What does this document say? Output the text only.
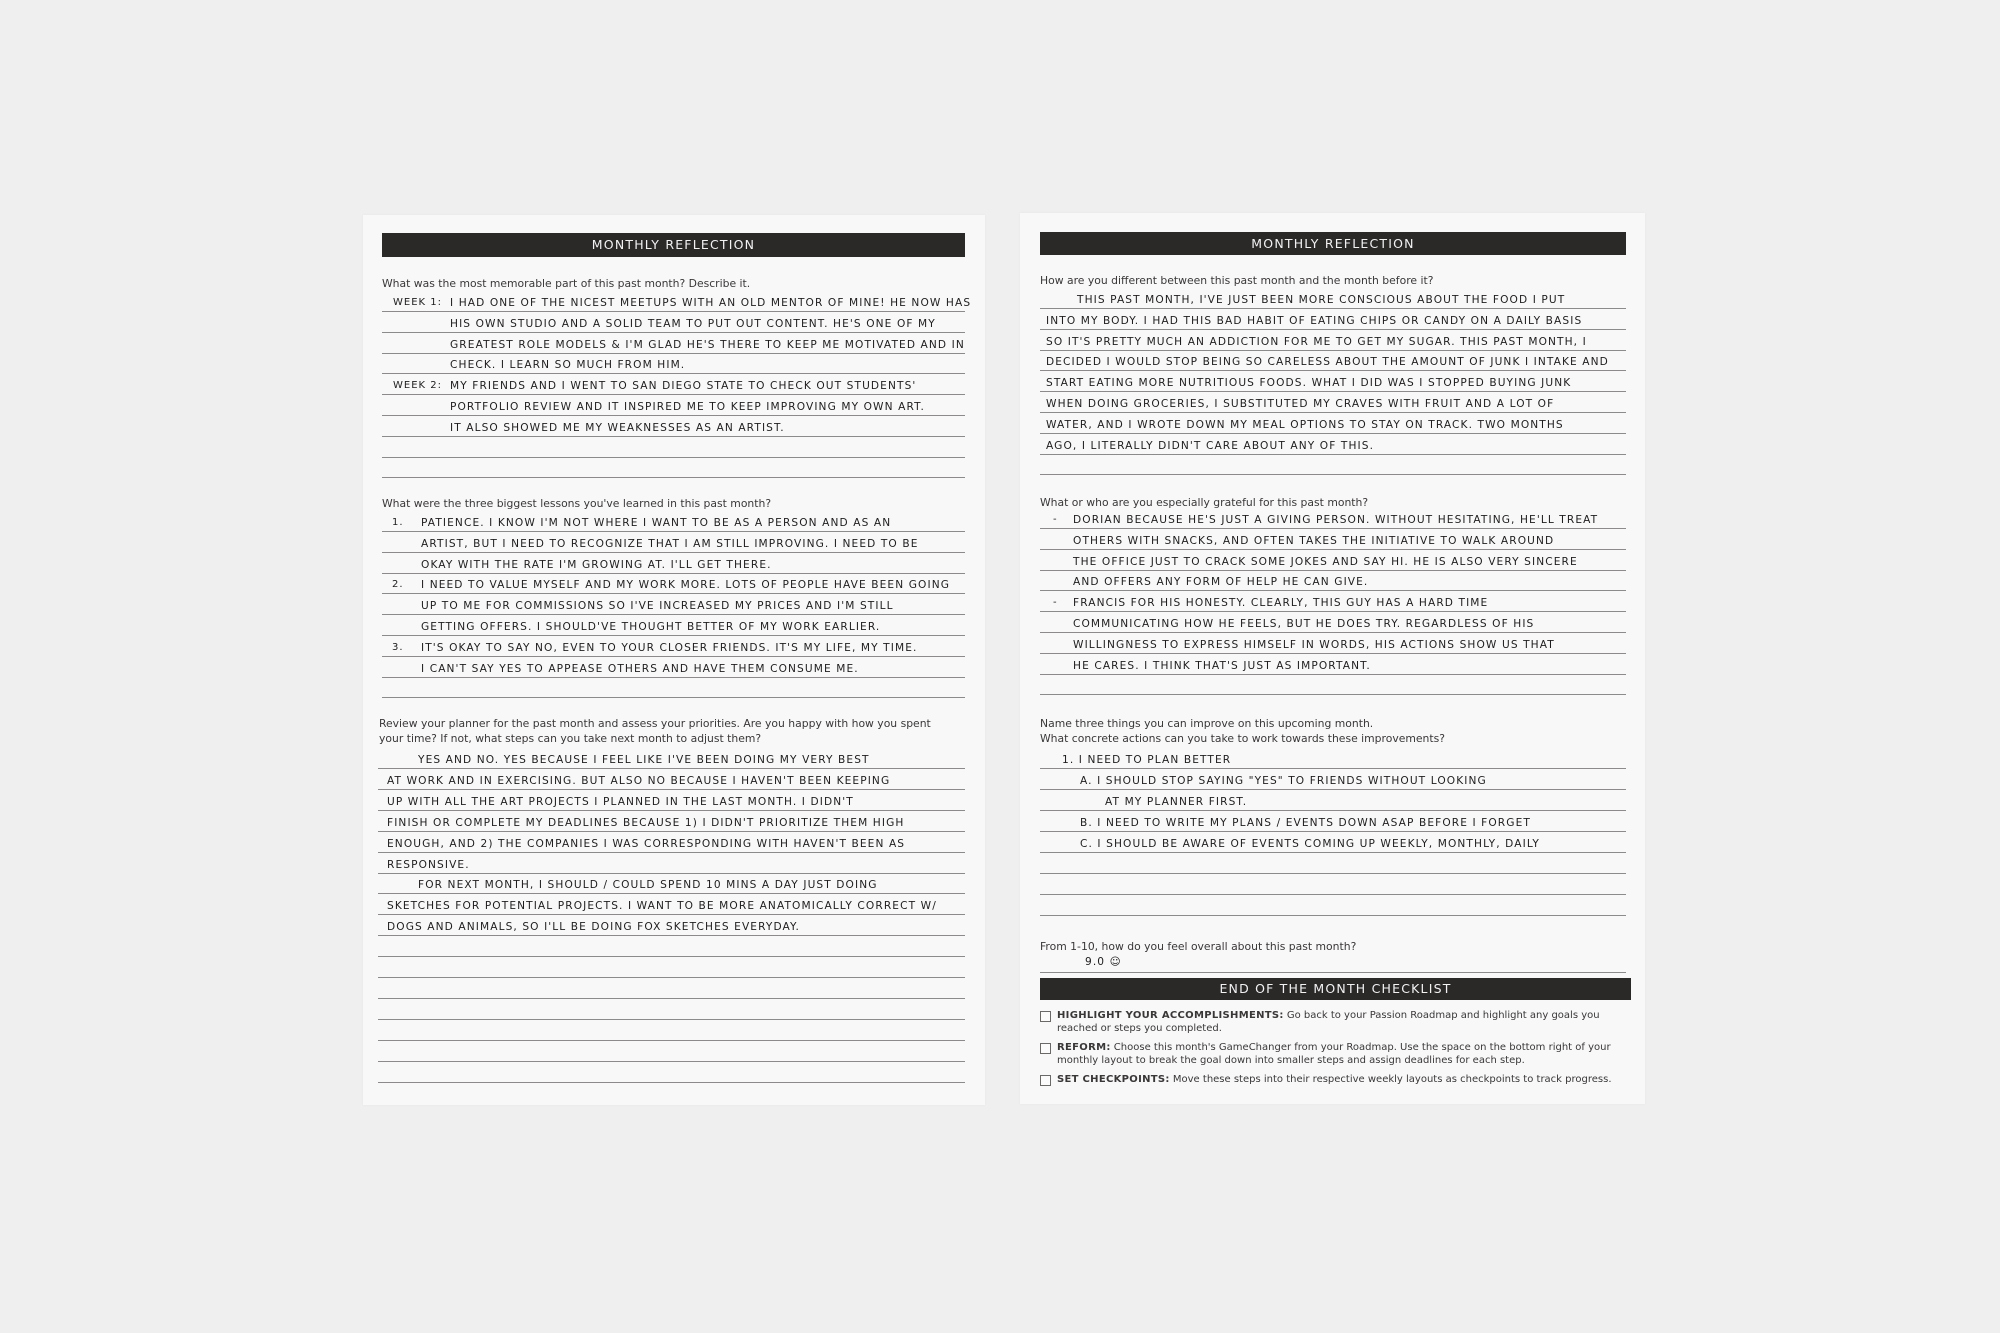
MONTHLY REFLECTION
What was the most memorable part of this past month? Describe it.
WEEK 1: I HAD ONE OF THE NICEST MEETUPS WITH AN OLD MENTOR OF MINE! HE NOW HAS
HIS OWN STUDIO AND A SOLID TEAM TO PUT OUT CONTENT. HE'S ONE OF MY
GREATEST ROLE MODELS & I'M GLAD HE'S THERE TO KEEP ME MOTIVATED AND IN
CHECK. I LEARN SO MUCH FROM HIM.
WEEK 2: MY FRIENDS AND I WENT TO SAN DIEGO STATE TO CHECK OUT STUDENTS'
PORTFOLIO REVIEW AND IT INSPIRED ME TO KEEP IMPROVING MY OWN ART.
IT ALSO SHOWED ME MY WEAKNESSES AS AN ARTIST.
What were the three biggest lessons you've learned in this past month?
1. PATIENCE. I KNOW I'M NOT WHERE I WANT TO BE AS A PERSON AND AS AN
ARTIST, BUT I NEED TO RECOGNIZE THAT I AM STILL IMPROVING. I NEED TO BE
OKAY WITH THE RATE I'M GROWING AT. I'LL GET THERE.
2. I NEED TO VALUE MYSELF AND MY WORK MORE. LOTS OF PEOPLE HAVE BEEN GOING
UP TO ME FOR COMMISSIONS SO I'VE INCREASED MY PRICES AND I'M STILL
GETTING OFFERS. I SHOULD'VE THOUGHT BETTER OF MY WORK EARLIER.
3. IT'S OKAY TO SAY NO, EVEN TO YOUR CLOSER FRIENDS. IT'S MY LIFE, MY TIME.
I CAN'T SAY YES TO APPEASE OTHERS AND HAVE THEM CONSUME ME.
Review your planner for the past month and assess your priorities. Are you happy with how you spent
your time? If not, what steps can you take next month to adjust them?
YES AND NO. YES BECAUSE I FEEL LIKE I'VE BEEN DOING MY VERY BEST
AT WORK AND IN EXERCISING. BUT ALSO NO BECAUSE I HAVEN'T BEEN KEEPING
UP WITH ALL THE ART PROJECTS I PLANNED IN THE LAST MONTH. I DIDN'T
FINISH OR COMPLETE MY DEADLINES BECAUSE 1) I DIDN'T PRIORITIZE THEM HIGH
ENOUGH, AND 2) THE COMPANIES I WAS CORRESPONDING WITH HAVEN'T BEEN AS
RESPONSIVE.
FOR NEXT MONTH, I SHOULD / COULD SPEND 10 MINS A DAY JUST DOING
SKETCHES FOR POTENTIAL PROJECTS. I WANT TO BE MORE ANATOMICALLY CORRECT W/
DOGS AND ANIMALS, SO I'LL BE DOING FOX SKETCHES EVERYDAY.
MONTHLY REFLECTION
How are you different between this past month and the month before it?
THIS PAST MONTH, I'VE JUST BEEN MORE CONSCIOUS ABOUT THE FOOD I PUT
INTO MY BODY. I HAD THIS BAD HABIT OF EATING CHIPS OR CANDY ON A DAILY BASIS
SO IT'S PRETTY MUCH AN ADDICTION FOR ME TO GET MY SUGAR. THIS PAST MONTH, I
DECIDED I WOULD STOP BEING SO CARELESS ABOUT THE AMOUNT OF JUNK I INTAKE AND
START EATING MORE NUTRITIOUS FOODS. WHAT I DID WAS I STOPPED BUYING JUNK
WHEN DOING GROCERIES, I SUBSTITUTED MY CRAVES WITH FRUIT AND A LOT OF
WATER, AND I WROTE DOWN MY MEAL OPTIONS TO STAY ON TRACK. TWO MONTHS
AGO, I LITERALLY DIDN'T CARE ABOUT ANY OF THIS.
What or who are you especially grateful for this past month?
- DORIAN BECAUSE HE'S JUST A GIVING PERSON. WITHOUT HESITATING, HE'LL TREAT
OTHERS WITH SNACKS, AND OFTEN TAKES THE INITIATIVE TO WALK AROUND
THE OFFICE JUST TO CRACK SOME JOKES AND SAY HI. HE IS ALSO VERY SINCERE
AND OFFERS ANY FORM OF HELP HE CAN GIVE.
- FRANCIS FOR HIS HONESTY. CLEARLY, THIS GUY HAS A HARD TIME
COMMUNICATING HOW HE FEELS, BUT HE DOES TRY. REGARDLESS OF HIS
WILLINGNESS TO EXPRESS HIMSELF IN WORDS, HIS ACTIONS SHOW US THAT
HE CARES. I THINK THAT'S JUST AS IMPORTANT.
Name three things you can improve on this upcoming month.
What concrete actions can you take to work towards these improvements?
1. I NEED TO PLAN BETTER
A. I SHOULD STOP SAYING "YES" TO FRIENDS WITHOUT LOOKING
AT MY PLANNER FIRST.
B. I NEED TO WRITE MY PLANS / EVENTS DOWN ASAP BEFORE I FORGET
C. I SHOULD BE AWARE OF EVENTS COMING UP WEEKLY, MONTHLY, DAILY
From 1-10, how do you feel overall about this past month?
9.0 ☺
END OF THE MONTH CHECKLIST
HIGHLIGHT YOUR ACCOMPLISHMENTS: Go back to your Passion Roadmap and highlight any goals you
reached or steps you completed.
REFORM: Choose this month's GameChanger from your Roadmap. Use the space on the bottom right of your
monthly layout to break the goal down into smaller steps and assign deadlines for each step.
SET CHECKPOINTS: Move these steps into their respective weekly layouts as checkpoints to track progress.
